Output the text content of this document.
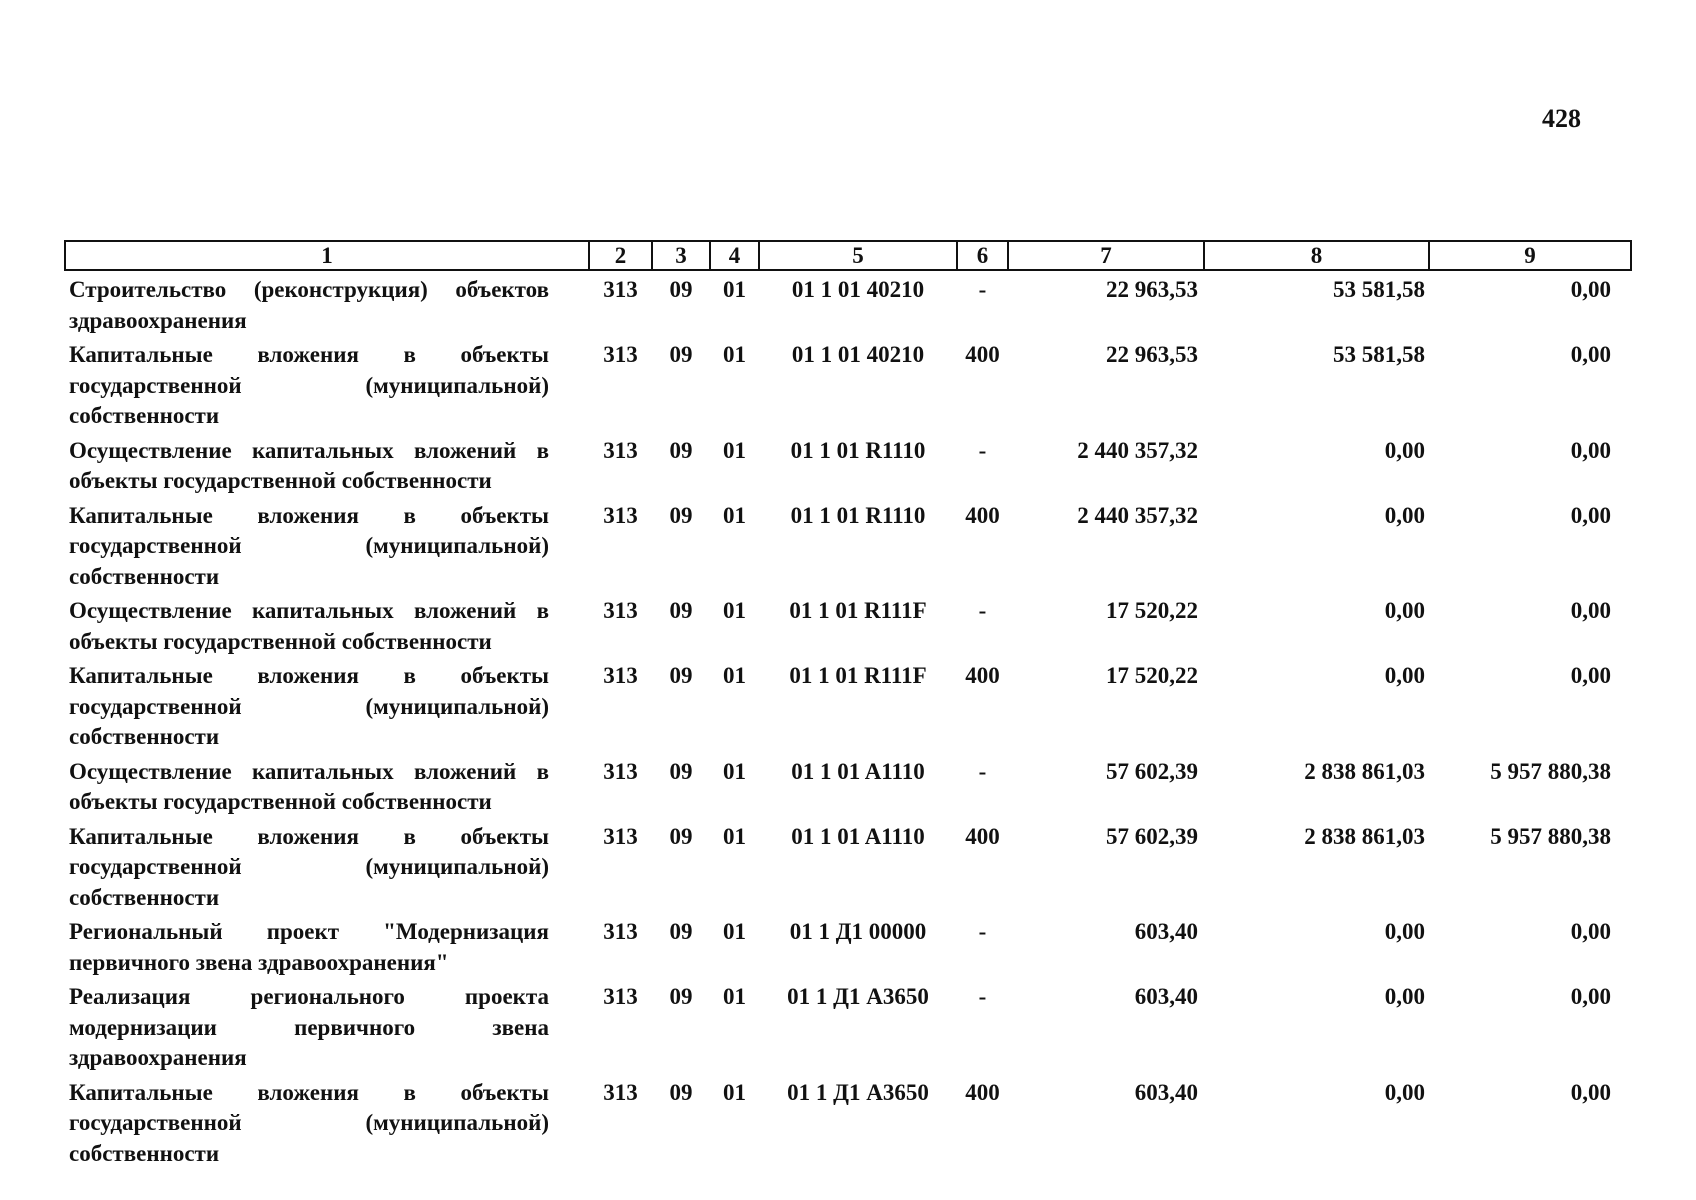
428
1	2	3	4	5	6	7	8	9
Строительство (реконструкция) объектов здравоохранения	313	09	01	01 1 01 40210	-	22 963,53	53 581,58	0,00
Капитальные вложения в объекты государственной (муниципальной) собственности	313	09	01	01 1 01 40210	400	22 963,53	53 581,58	0,00
Осуществление капитальных вложений в объекты государственной собственности	313	09	01	01 1 01 R1110	-	2 440 357,32	0,00	0,00
Капитальные вложения в объекты государственной (муниципальной) собственности	313	09	01	01 1 01 R1110	400	2 440 357,32	0,00	0,00
Осуществление капитальных вложений в объекты государственной собственности	313	09	01	01 1 01 R111F	-	17 520,22	0,00	0,00
Капитальные вложения в объекты государственной (муниципальной) собственности	313	09	01	01 1 01 R111F	400	17 520,22	0,00	0,00
Осуществление капитальных вложений в объекты государственной собственности	313	09	01	01 1 01 A1110	-	57 602,39	2 838 861,03	5 957 880,38
Капитальные вложения в объекты государственной (муниципальной) собственности	313	09	01	01 1 01 A1110	400	57 602,39	2 838 861,03	5 957 880,38
Региональный проект "Модернизация первичного звена здравоохранения"	313	09	01	01 1 Д1 00000	-	603,40	0,00	0,00
Реализация регионального проекта модернизации первичного звена здравоохранения	313	09	01	01 1 Д1 A3650	-	603,40	0,00	0,00
Капитальные вложения в объекты государственной (муниципальной) собственности	313	09	01	01 1 Д1 A3650	400	603,40	0,00	0,00
